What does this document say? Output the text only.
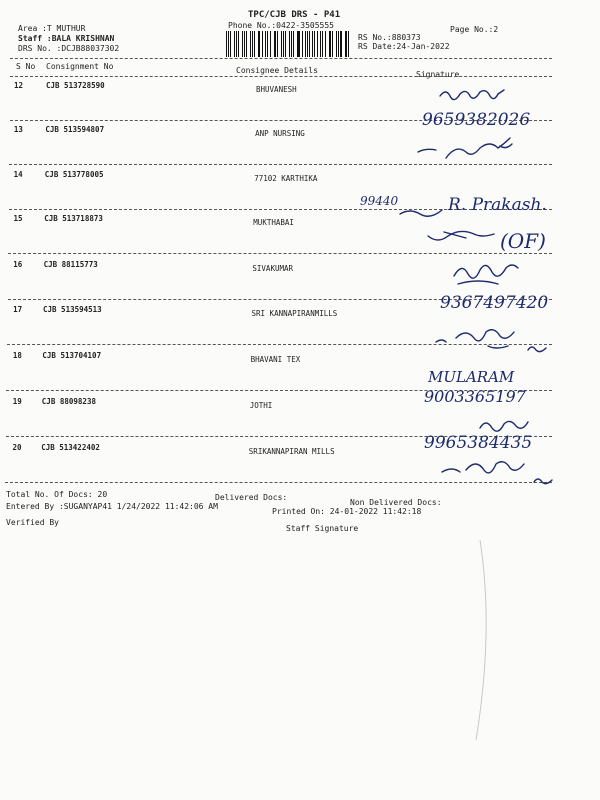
Area :T MUTHUR
Staff :BALA KRISHNAN
DRS No. :DCJB88037302
TPC/CJB DRS - P41
Phone No.:0422-3505555	Page No.:2
RS No.:880373
RS Date:24-Jan-2022
S No Consignment No	Consignee Details	Signature
12	CJB 513728590	BHUVANESH
13	CJB 513594807	ANP NURSING
14	CJB 513778005	77102 KARTHIKA
15	CJB 513718873	MUKTHABAI
16	CJB 88115773	SIVAKUMAR
17	CJB 513594513	SRI KANNAPIRANMILLS
18	CJB 513704107	BHAVANI TEX
19	CJB 88098238	JOTHI
20	CJB 513422402	SRIKANNAPIRAN MILLS
9659382026
99440	R. Prakash.
(OF)
9367497420
MULARAM
9003365197
9965384435
Total No. Of Docs: 20	Delivered Docs:
Non Delivered Docs:
Entered By :SUGANYAP41 1/24/2022 11:42:06 AM
Printed On: 24-01-2022 11:42:18
Verified By
Staff Signature
